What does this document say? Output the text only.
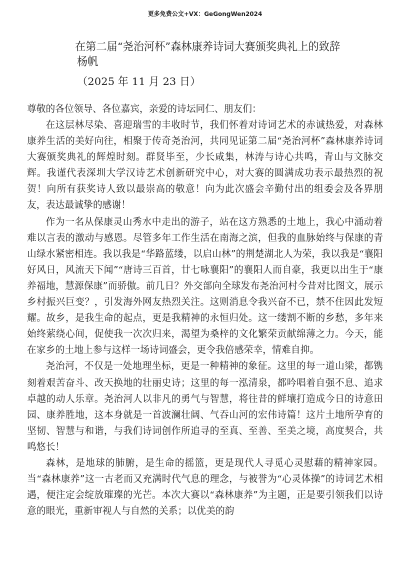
更多免费公文+VX：GeGongWen2024
在第二届“尧治河杯”森林康养诗词大赛颁奖典礼上的致辞

杨帆

（2025 年 11 月 23 日）

尊敬的各位领导、各位嘉宾，亲爱的诗坛同仁、朋友们：

在这层林尽染、喜迎瑞雪的丰收时节，我们怀着对诗词艺术的赤诚热爱，对森林康养生活的美好向往，相聚于传奇尧治河，共同见证第二届“尧治河杯”森林康养诗词大赛颁奖典礼的辉煌时刻。群贤毕至，少长咸集，林涛与诗心共鸣，青山与文脉交辉。我谨代表深圳大学汉诗艺术创新研究中心，对大赛的圆满成功表示最热烈的祝贺！向所有获奖诗人致以最崇高的敬意！向为此次盛会辛勤付出的组委会及各界朋友，表达最诚挚的感谢！

作为一名从保康灵山秀水中走出的游子，站在这方熟悉的土地上，我心中涌动着难以言表的激动与感恩。尽管多年工作生活在南海之滨，但我的血脉始终与保康的青山绿水紧密相连。我以我是“华路蓝缕，以启山林”的荆楚湖北人为荣，我以我是“襄阳好风日，风流天下闻”“唐诗三百首，廿七咏襄阳”的襄阳人而自豪，我更以出生于“康养福地，慧源保康”而骄傲。前几日？外交部向全球发布尧治河村今昔对比图文，展示乡村振兴巨变？，引发海外网友热烈关注。这则消息令我兴奋不已，禁不住因此发短耀。故乡，是我生命的起点，更是我精神的永恒归处。这一缕割不断的乡愁，多年来始终萦绕心间，促使我一次次归来，渴望为桑梓的文化繁荣贡献绵薄之力。今天，能在家乡的土地上参与这样一场诗词盛会，更令我倍感荣幸，情难自抑。

尧治河，不仅是一处地理坐标，更是一种精神的象征。这里的每一道山梁，都镌刻着艰苦奋斗、改天换地的壮丽史诗；这里的每一泓清泉，都吟唱着自强不息、追求卓越的动人乐章。尧治河人以非凡的勇气与智慧，将往昔的鲜壤打造成今日的诗意田园、康养胜地，这本身就是一首波澜壮阔、气吞山河的宏伟诗篇！这片土地所孕育的坚韧、智慧与和谐，与我们诗词创作所追寻的至真、至善、至美之境，高度契合，共鸣悠长！

森林，是地球的肺腑，是生命的摇篮，更是现代人寻觅心灵慰藉的精神家园。当“森林康养”这一古老而又充满时代气息的理念，与被誉为“心灵体操”的诗词艺术相遇，便注定会绽放璀璨的光芒。本次大赛以“森林康养”为主题，正是要引领我们以诗意的眼光，重新审视人与自然的关系；以优美的韵
